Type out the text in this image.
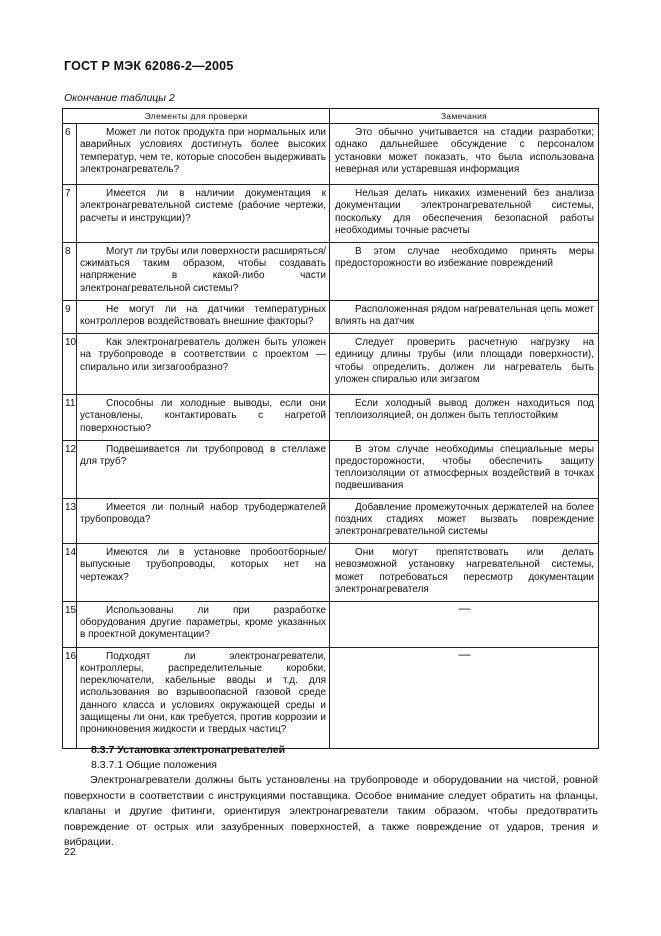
ГОСТ Р МЭК 62086-2—2005
Окончание таблицы 2
Элементы для проверки		Замечания
6	Может ли поток продукта при нормальных или аварийных условиях достигнуть более высоких температур, чем те, которые способен выдерживать электронагреватель?	Это обычно учитывается на стадии разработки; однако дальнейшее обсуждение с персоналом установки может показать, что была использована неверная или устаревшая информация
7	Имеется ли в наличии документация к электронагревательной системе (рабочие чертежи, расчеты и инструкции)?	Нельзя делать никаких изменений без анализа документации электронагревательной системы, поскольку для обеспечения безопасной работы необходимы точные расчеты
8	Могут ли трубы или поверхности расширяться/ сжиматься таким образом, чтобы создавать напряжение в какой-либо части электронагревательной системы?	В этом случае необходимо принять меры предосторожности во избежание повреждений
9	Не могут ли на датчики температурных контроллеров воздействовать внешние факторы?	Расположенная рядом нагревательная цепь может влиять на датчик
10	Как электронагреватель должен быть уложен на трубопроводе в соответствии с проектом — спирально или зигзагообразно?	Следует проверить расчетную нагрузку на единицу длины трубы (или площади поверхности), чтобы определить, должен ли нагреватель быть уложен спиралью или зигзагом
11	Способны ли холодные выводы, если они установлены, контактировать с нагретой поверхностью?	Если холодный вывод должен находиться под теплоизоляцией, он должен быть теплостойким
12	Подвешивается ли трубопровод в стеллаже для труб?	В этом случае необходимы специальные меры предосторожности, чтобы обеспечить защиту теплоизоляции от атмосферных воздействий в точках подвешивания
13	Имеется ли полный набор трубодержателей трубопровода?	Добавление промежуточных держателей на более поздних стадиях может вызвать повреждение электронагревательной системы
14	Имеются ли в установке пробоотборные/ выпускные трубопроводы, которых нет на чертежах?	Они могут препятствовать или делать невозможной установку нагревательной системы, может потребоваться пересмотр документации электронагревателя
15	Использованы ли при разработке оборудования другие параметры, кроме указанных в проектной документации?	—
16	Подходят ли электронагреватели, контроллеры, распределительные коробки, переключатели, кабельные вводы и т.д. для использования во взрывоопасной газовой среде данного класса и условиях окружающей среды и защищены ли они, как требуется, против коррозии и проникновения жидкости и твердых частиц?	—
8.3.7 Установка электронагревателей
8.3.7.1 Общие положения
Электронагреватели должны быть установлены на трубопроводе и оборудовании на чистой, ровной поверхности в соответствии с инструкциями поставщика. Особое внимание следует обратить на фланцы, клапаны и другие фитинги, ориентируя электронагреватели таким образом, чтобы предотвратить повреждение от острых или зазубренных поверхностей, а также повреждение от ударов, трения и вибрации.
22
